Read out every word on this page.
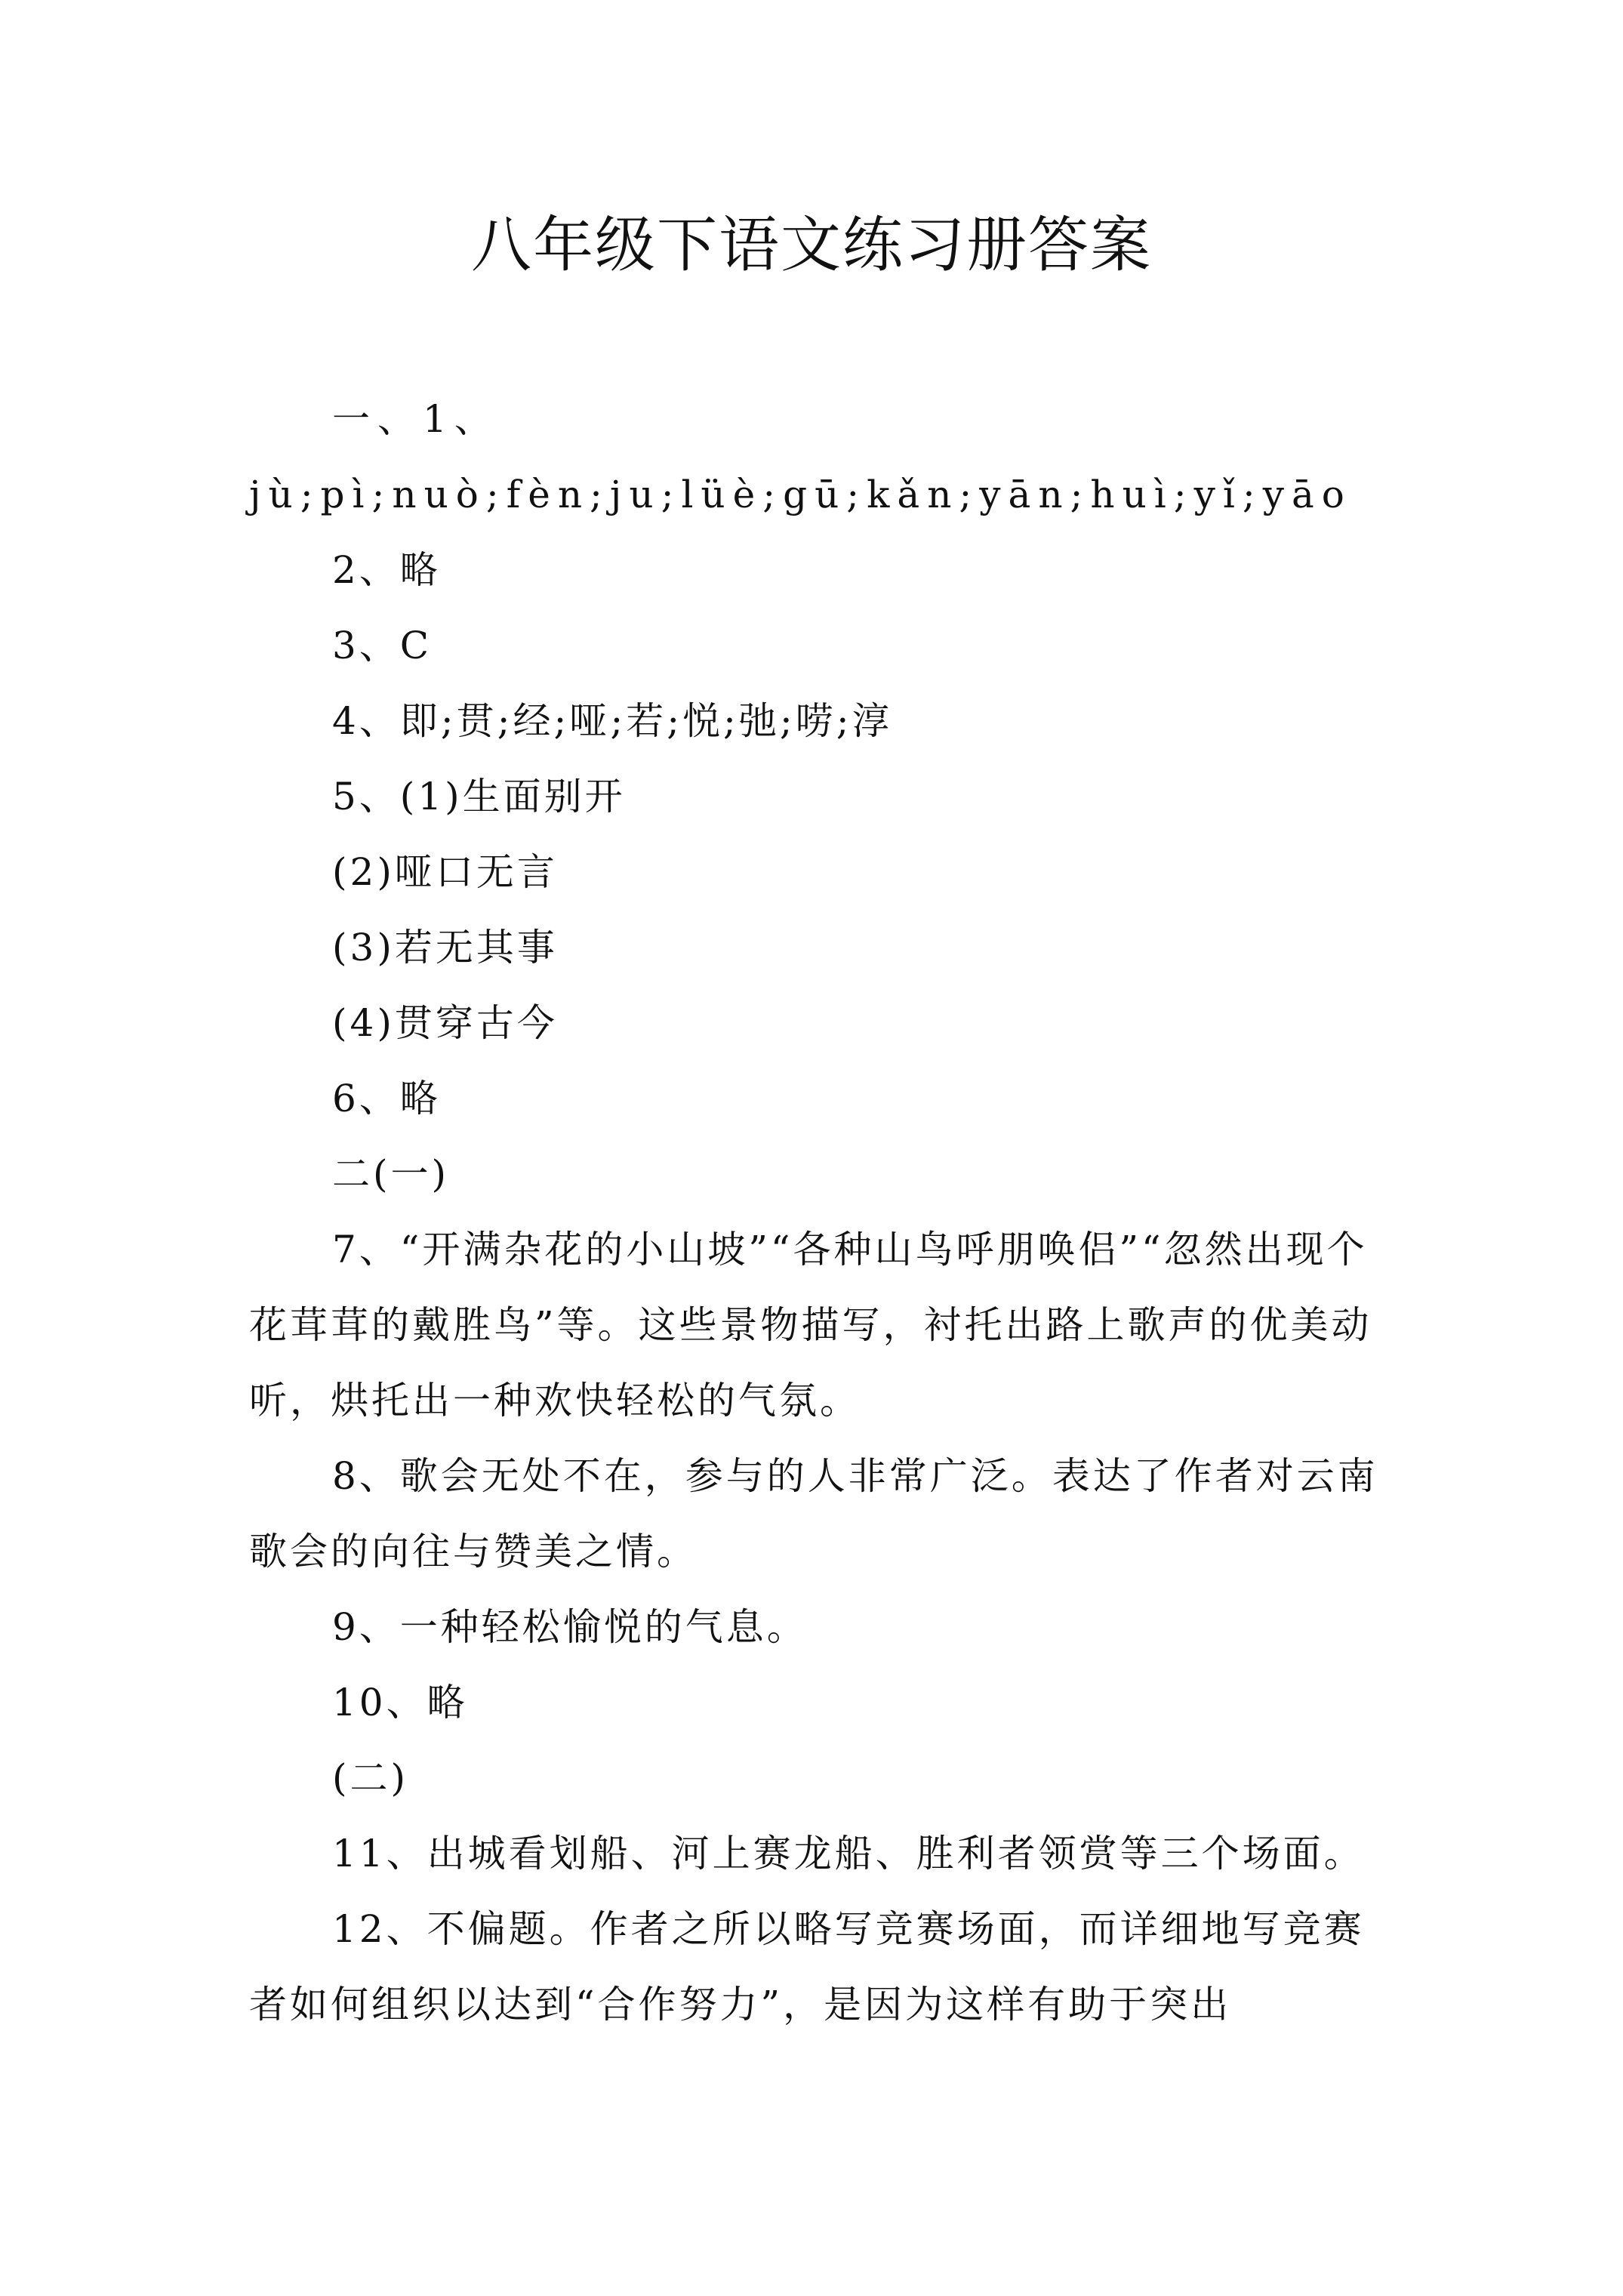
八年级下语文练习册答案

一、1、jù;pì;nuò;fèn;ju;lüè;gū;kǎn;yān;huì;yǐ;yāo

2、略

3、C

4、即;贯;经;哑;若;悦;弛;唠;淳

5、(1)生面别开

(2)哑口无言

(3)若无其事

(4)贯穿古今

6、略

二(一)

7、“开满杂花的小山坡”“各种山鸟呼朋唤侣”“忽然出现个花茸茸的戴胜鸟”等。这些景物描写，衬托出路上歌声的优美动听，烘托出一种欢快轻松的气氛。

8、歌会无处不在，参与的人非常广泛。表达了作者对云南歌会的向往与赞美之情。

9、一种轻松愉悦的气息。

10、略

(二)

11、出城看划船、河上赛龙船、胜利者领赏等三个场面。

12、不偏题。作者之所以略写竞赛场面，而详细地写竞赛者如何组织以达到“合作努力”，是因为这样有助于突出
